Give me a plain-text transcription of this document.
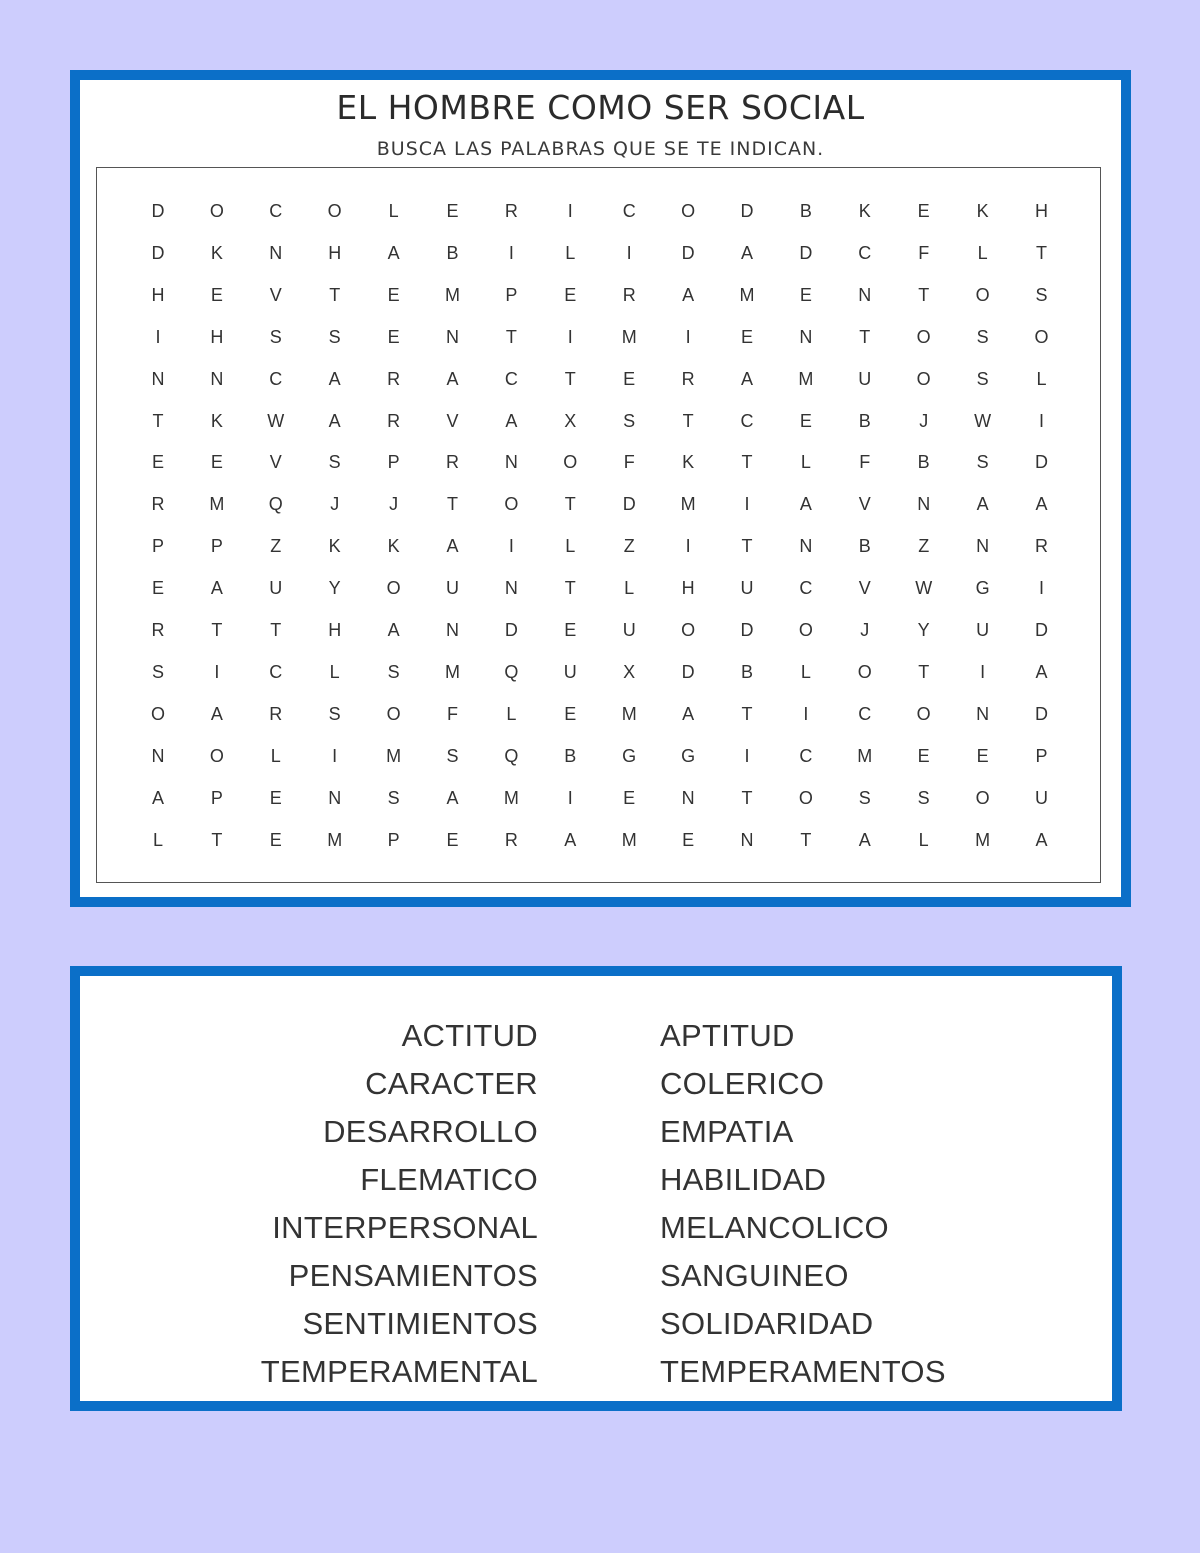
EL HOMBRE COMO SER SOCIAL
BUSCA LAS PALABRAS QUE SE TE INDICAN.
D	O	C	O	L	E	R	I	C	O	D	B	K	E	K	H
D	K	N	H	A	B	I	L	I	D	A	D	C	F	L	T
H	E	V	T	E	M	P	E	R	A	M	E	N	T	O	S
I	H	S	S	E	N	T	I	M	I	E	N	T	O	S	O
N	N	C	A	R	A	C	T	E	R	A	M	U	O	S	L
T	K	W	A	R	V	A	X	S	T	C	E	B	J	W	I
E	E	V	S	P	R	N	O	F	K	T	L	F	B	S	D
R	M	Q	J	J	T	O	T	D	M	I	A	V	N	A	A
P	P	Z	K	K	A	I	L	Z	I	T	N	B	Z	N	R
E	A	U	Y	O	U	N	T	L	H	U	C	V	W	G	I
R	T	T	H	A	N	D	E	U	O	D	O	J	Y	U	D
S	I	C	L	S	M	Q	U	X	D	B	L	O	T	I	A
O	A	R	S	O	F	L	E	M	A	T	I	C	O	N	D
N	O	L	I	M	S	Q	B	G	G	I	C	M	E	E	P
A	P	E	N	S	A	M	I	E	N	T	O	S	S	O	U
L	T	E	M	P	E	R	A	M	E	N	T	A	L	M	A
ACTITUD
CARACTER
DESARROLLO
FLEMATICO
INTERPERSONAL
PENSAMIENTOS
SENTIMIENTOS
TEMPERAMENTAL
APTITUD
COLERICO
EMPATIA
HABILIDAD
MELANCOLICO
SANGUINEO
SOLIDARIDAD
TEMPERAMENTOS
